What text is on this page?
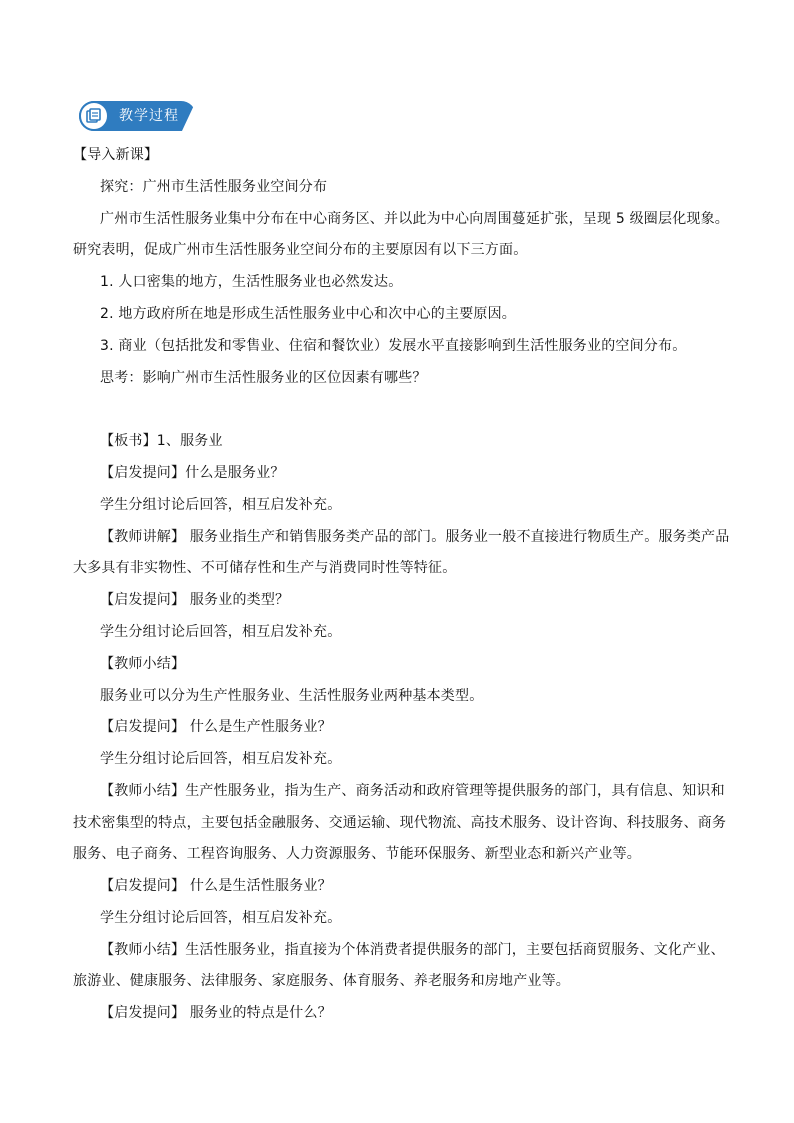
教学过程
【导入新课】
探究：广州市生活性服务业空间分布
广州市生活性服务业集中分布在中心商务区、并以此为中心向周围蔓延扩张，呈现 5 级圈层化现象。
研究表明，促成广州市生活性服务业空间分布的主要原因有以下三方面。
1. 人口密集的地方，生活性服务业也必然发达。
2. 地方政府所在地是形成生活性服务业中心和次中心的主要原因。
3. 商业（包括批发和零售业、住宿和餐饮业）发展水平直接影响到生活性服务业的空间分布。
思考：影响广州市生活性服务业的区位因素有哪些？
【板书】1、服务业
【启发提问】什么是服务业？
学生分组讨论后回答，相互启发补充。
【教师讲解】 服务业指生产和销售服务类产品的部门。服务业一般不直接进行物质生产。服务类产品
大多具有非实物性、不可储存性和生产与消费同时性等特征。
【启发提问】 服务业的类型？
学生分组讨论后回答，相互启发补充。
【教师小结】
服务业可以分为生产性服务业、生活性服务业两种基本类型。
【启发提问】 什么是生产性服务业？
学生分组讨论后回答，相互启发补充。
【教师小结】生产性服务业，指为生产、商务活动和政府管理等提供服务的部门，具有信息、知识和
技术密集型的特点，主要包括金融服务、交通运输、现代物流、高技术服务、设计咨询、科技服务、商务
服务、电子商务、工程咨询服务、人力资源服务、节能环保服务、新型业态和新兴产业等。
【启发提问】 什么是生活性服务业？
学生分组讨论后回答，相互启发补充。
【教师小结】生活性服务业，指直接为个体消费者提供服务的部门，主要包括商贸服务、文化产业、
旅游业、健康服务、法律服务、家庭服务、体育服务、养老服务和房地产业等。
【启发提问】 服务业的特点是什么？
